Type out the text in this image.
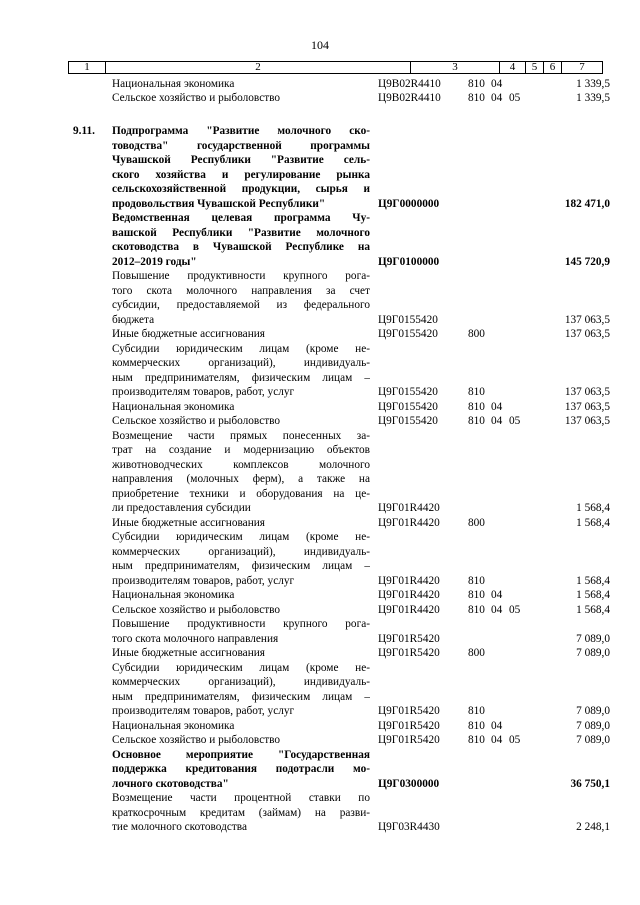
104
1	2	3	4	5	6	7
Национальная экономика	Ц9В02R4410 810 04	1 339,5
Сельское хозяйство и рыболовство	Ц9В02R4410 810 04 05	1 339,5
9.11.	Подпрограмма "Развитие молочного ско-
товодства" государственной программы
Чувашской Республики "Развитие сель-
ского хозяйства и регулирование рынка
сельскохозяйственной продукции, сырья и
продовольствия Чувашской Республики"	Ц9Г0000000	182 471,0
Ведомственная целевая программа Чу-
вашской Республики "Развитие молочного
скотоводства в Чувашской Республике на
2012–2019 годы"	Ц9Г0100000	145 720,9
Повышение продуктивности крупного рога-
того скота молочного направления за счет
субсидии, предоставляемой из федерального
бюджета	Ц9Г0155420	137 063,5
Иные бюджетные ассигнования	Ц9Г0155420	800	137 063,5
Субсидии юридическим лицам (кроме не-
коммерческих организаций), индивидуаль-
ным предпринимателям, физическим лицам –
производителям товаров, работ, услуг	Ц9Г0155420	810	137 063,5
Национальная экономика	Ц9Г0155420	810 04	137 063,5
Сельское хозяйство и рыболовство	Ц9Г0155420	810 04 05	137 063,5
Возмещение части прямых понесенных за-
трат на создание и модернизацию объектов
животноводческих комплексов молочного
направления (молочных ферм), а также на
приобретение техники и оборудования на це-
ли предоставления субсидии	Ц9Г01R4420	1 568,4
Иные бюджетные ассигнования	Ц9Г01R4420 800	1 568,4
Субсидии юридическим лицам (кроме не-
коммерческих организаций), индивидуаль-
ным предпринимателям, физическим лицам –
производителям товаров, работ, услуг	Ц9Г01R4420 810	1 568,4
Национальная экономика	Ц9Г01R4420 810 04	1 568,4
Сельское хозяйство и рыболовство	Ц9Г01R4420 810 04 05	1 568,4
Повышение продуктивности крупного рога-
того скота молочного направления	Ц9Г01R5420	7 089,0
Иные бюджетные ассигнования	Ц9Г01R5420 800	7 089,0
Субсидии юридическим лицам (кроме не-
коммерческих организаций), индивидуаль-
ным предпринимателям, физическим лицам –
производителям товаров, работ, услуг	Ц9Г01R5420 810	7 089,0
Национальная экономика	Ц9Г01R5420 810 04	7 089,0
Сельское хозяйство и рыболовство	Ц9Г01R5420 810 04 05	7 089,0
Основное мероприятие "Государственная
поддержка кредитования подотрасли мо-
лочного скотоводства"	Ц9Г0300000	36 750,1
Возмещение части процентной ставки по
краткосрочным кредитам (займам) на разви-
тие молочного скотоводства	Ц9Г03R4430	2 248,1
